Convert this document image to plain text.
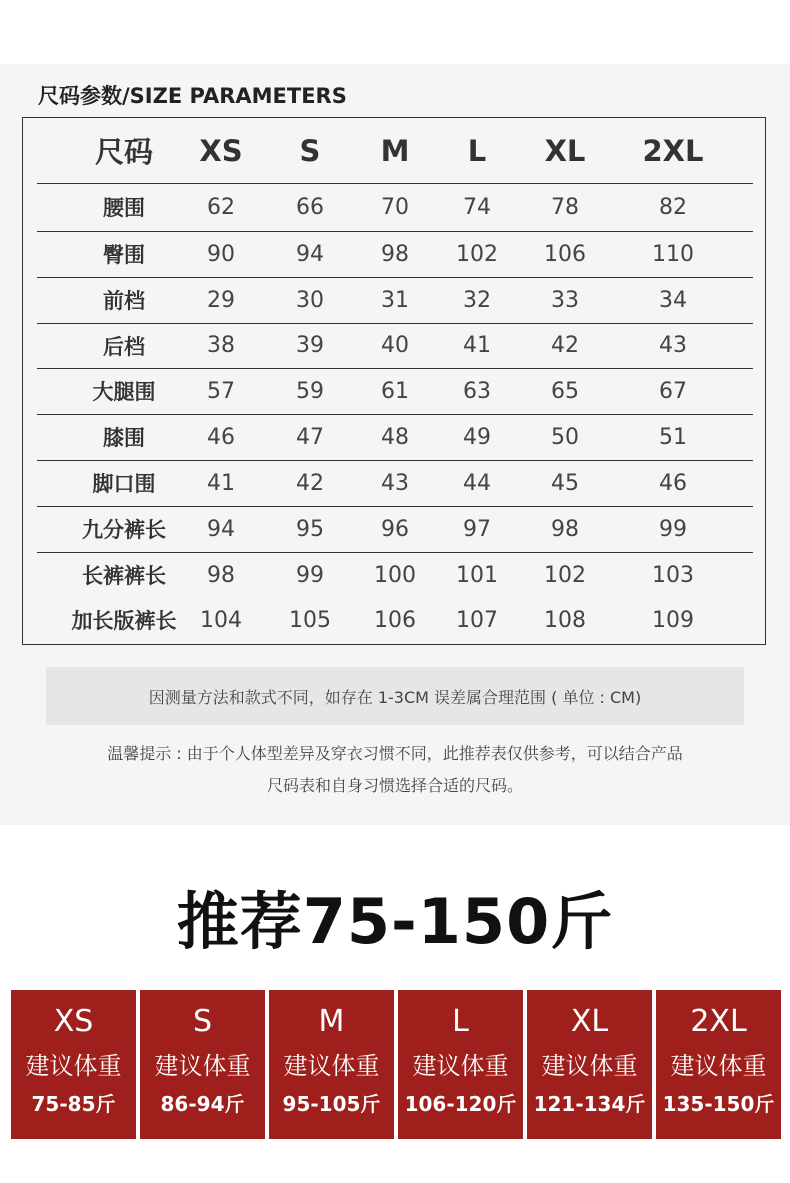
尺码参数/SIZE PARAMETERS
尺码	XS	S	M	L	XL	2XL
腰围	62	66	70	74	78	82
臀围	90	94	98	102	106	110
前档	29	30	31	32	33	34
后档	38	39	40	41	42	43
大腿围	57	59	61	63	65	67
膝围	46	47	48	49	50	51
脚口围	41	42	43	44	45	46
九分裤长	94	95	96	97	98	99
长裤裤长	98	99	100	101	102	103
加长版裤长	104	105	106	107	108	109
因测量方法和款式不同，如存在 1-3CM 误差属合理范围 ( 单位 : CM)
温馨提示 : 由于个人体型差异及穿衣习惯不同，此推荐表仅供参考，可以结合产品
尺码表和自身习惯选择合适的尺码。
推荐75-150斤
XS
建议体重
75-85斤
S
建议体重
86-94斤
M
建议体重
95-105斤
L
建议体重
106-120斤
XL
建议体重
121-134斤
2XL
建议体重
135-150斤
